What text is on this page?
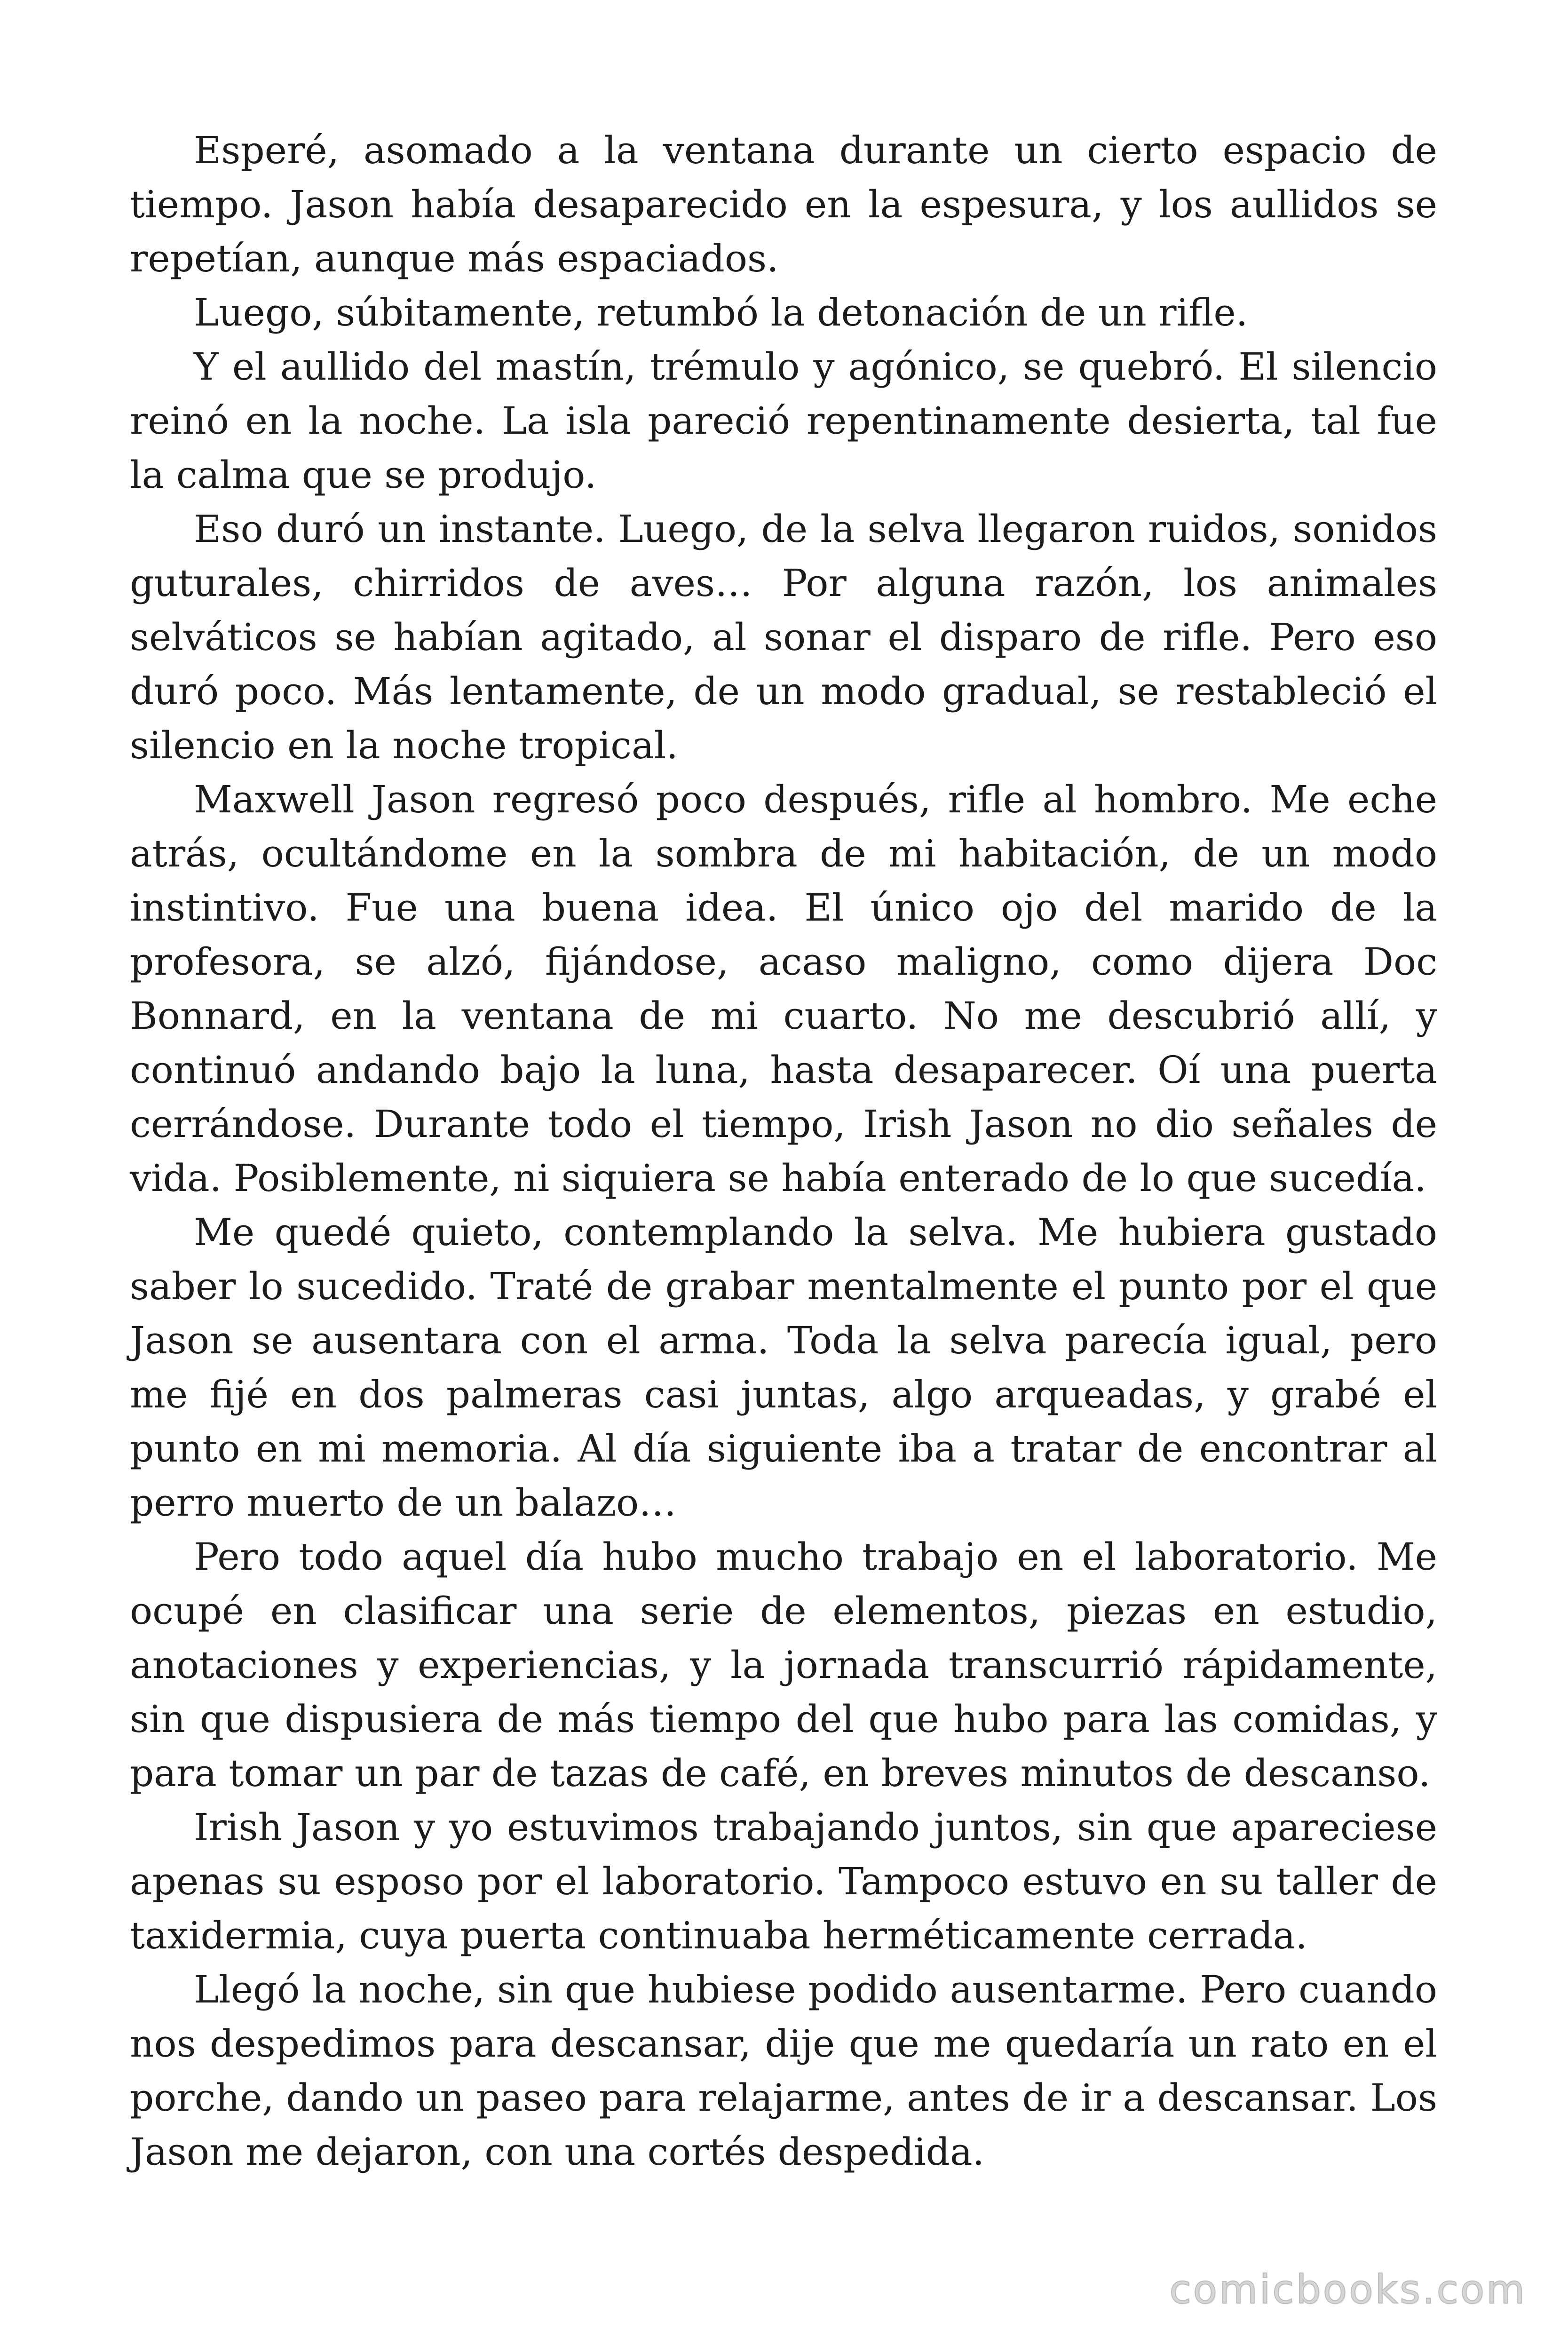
Esperé, asomado a la ventana durante un cierto espacio de tiempo. Jason había desaparecido en la espesura, y los aullidos se repetían, aunque más espaciados.

Luego, súbitamente, retumbó la detonación de un rifle.

Y el aullido del mastín, trémulo y agónico, se quebró. El silencio reinó en la noche. La isla pareció repentinamente desierta, tal fue la calma que se produjo.

Eso duró un instante. Luego, de la selva llegaron ruidos, sonidos guturales, chirridos de aves… Por alguna razón, los animales selváticos se habían agitado, al sonar el disparo de rifle. Pero eso duró poco. Más lentamente, de un modo gradual, se restableció el silencio en la noche tropical.

Maxwell Jason regresó poco después, rifle al hombro. Me eche atrás, ocultándome en la sombra de mi habitación, de un modo instintivo. Fue una buena idea. El único ojo del marido de la profesora, se alzó, fijándose, acaso maligno, como dijera Doc Bonnard, en la ventana de mi cuarto. No me descubrió allí, y continuó andando bajo la luna, hasta desaparecer. Oí una puerta cerrándose. Durante todo el tiempo, Irish Jason no dio señales de vida. Posiblemente, ni siquiera se había enterado de lo que sucedía.

Me quedé quieto, contemplando la selva. Me hubiera gustado saber lo sucedido. Traté de grabar mentalmente el punto por el que Jason se ausentara con el arma. Toda la selva parecía igual, pero me fijé en dos palmeras casi juntas, algo arqueadas, y grabé el punto en mi memoria. Al día siguiente iba a tratar de encontrar al perro muerto de un balazo…

Pero todo aquel día hubo mucho trabajo en el laboratorio. Me ocupé en clasificar una serie de elementos, piezas en estudio, anotaciones y experiencias, y la jornada transcurrió rápidamente, sin que dispusiera de más tiempo del que hubo para las comidas, y para tomar un par de tazas de café, en breves minutos de descanso.

Irish Jason y yo estuvimos trabajando juntos, sin que apareciese apenas su esposo por el laboratorio. Tampoco estuvo en su taller de taxidermia, cuya puerta continuaba herméticamente cerrada.

Llegó la noche, sin que hubiese podido ausentarme. Pero cuando nos despedimos para descansar, dije que me quedaría un rato en el porche, dando un paseo para relajarme, antes de ir a descansar. Los Jason me dejaron, con una cortés despedida.

comicbooks.com
